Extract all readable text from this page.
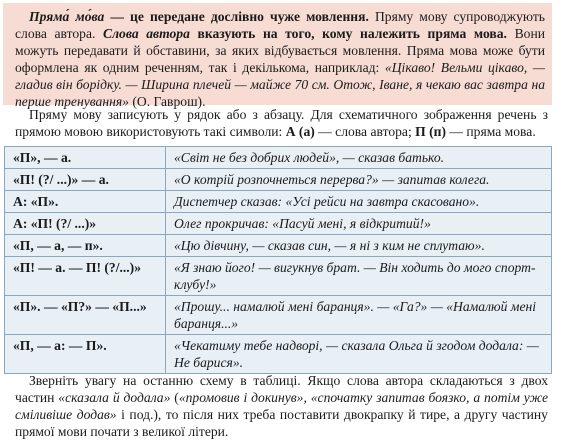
Пряма́ мо́ва — це передане дослівно чуже мовлення. Пряму мову супроводжують слова автора. Слова автора вказують на того, кому належить пряма мова. Вони можуть передавати й обставини, за яких відбувається мовлення. Пряма мова може бути оформлена як одним реченням, так і декількома, наприклад: «Цікаво! Вельми цікаво, — гладив він борідку. — Ширина плечей — майже 70 см. Отож, Іване, я чекаю вас завтра на перше тренування» (О. Гаврош).

Пряму мову записують у рядок або з абзацу. Для схематичного зображення речень з прямою мовою використовують такі символи: А (а) — слова автора; П (п) — пряма мова.

«П», — а.	«Світ не без добрих людей», — сказав батько.
«П! (?/ ...)» — а.	«О котрій розпочнеться перерва?» — запитав колега.
А: «П».	Диспетчер сказав: «Усі рейси на завтра скасовано».
А: «П! (?/ ...)»	Олег прокричав: «Пасуй мені, я відкритий!»
«П, — а, — п».	«Цю дівчину, — сказав син, — я ні з ким не сплутаю».
«П! — а. — П! (?/...)»	«Я знаю його! — вигукнув брат. — Він ходить до мого спорт-клубу!»
«П». — «П?» — «П...»	«Прошу... намалюй мені баранця». — «Га?» — «Намалюй мені баранця...»
«П, — а: — П».	«Чекатиму тебе надворі, — сказала Ольга й згодом додала: — Не барися».

Зверніть увагу на останню схему в таблиці. Якщо слова автора складаються з двох частин «сказала й додала» («промовив і докинув», «спочатку запитав боязко, а потім уже сміливіше додав» і под.), то після них треба поставити двокрапку й тире, а другу частину прямої мови почати з великої літери.
